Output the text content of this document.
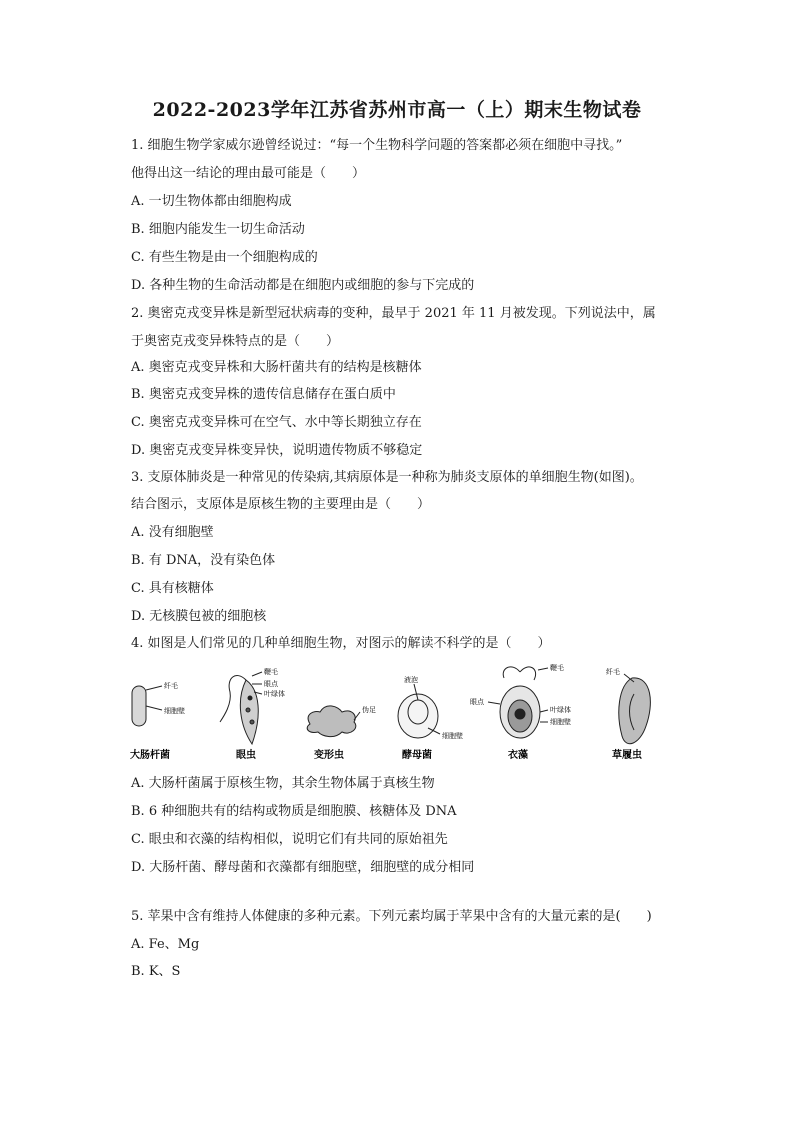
2022-2023学年江苏省苏州市高一（上）期末生物试卷
1. 细胞生物学家威尔逊曾经说过：“每一个生物科学问题的答案都必须在细胞中寻找。”
他得出这一结论的理由最可能是（　　）
A. 一切生物体都由细胞构成
B. 细胞内能发生一切生命活动
C. 有些生物是由一个细胞构成的
D. 各种生物的生命活动都是在细胞内或细胞的参与下完成的
2. 奥密克戎变异株是新型冠状病毒的变种，最早于 2021 年 11 月被发现。下列说法中，属
于奥密克戎变异株特点的是（　　）
A. 奥密克戎变异株和大肠杆菌共有的结构是核糖体
B. 奥密克戎变异株的遗传信息储存在蛋白质中
C. 奥密克戎变异株可在空气、水中等长期独立存在
D. 奥密克戎变异株变异快，说明遗传物质不够稳定
3. 支原体肺炎是一种常见的传染病,其病原体是一种称为肺炎支原体的单细胞生物(如图)。
结合图示，支原体是原核生物的主要理由是（　　）
A. 没有细胞壁
B. 有 DNA，没有染色体
C. 具有核糖体
D. 无核膜包被的细胞核
4. 如图是人们常见的几种单细胞生物，对图示的解读不科学的是（　　）
纤毛
细胞壁
鞭毛
眼点
叶绿体
伪足
液泡
细胞壁
鞭毛
眼点
叶绿体
细胞壁
纤毛
大肠杆菌	眼虫	变形虫	酵母菌	衣藻	草履虫
A. 大肠杆菌属于原核生物，其余生物体属于真核生物
B. 6 种细胞共有的结构或物质是细胞膜、核糖体及 DNA
C. 眼虫和衣藻的结构相似，说明它们有共同的原始祖先
D. 大肠杆菌、酵母菌和衣藻都有细胞壁，细胞壁的成分相同
5. 苹果中含有维持人体健康的多种元素。下列元素均属于苹果中含有的大量元素的是(　　)
A. Fe、Mg
B. K、S
